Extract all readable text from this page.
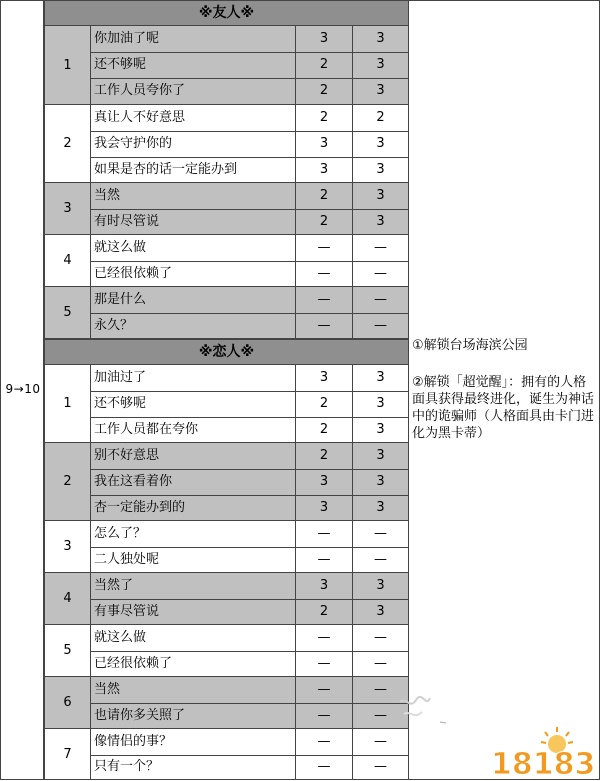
9→10
※友人※
1
你加油了呢	3	3
还不够呢	2	3
工作人员夸你了	2	3
2
真让人不好意思	2	2
我会守护你的	3	3
如果是杏的话一定能办到	3	3
3
当然	2	3
有时尽管说	2	3
4
就这么做	—	—
已经很依赖了	—	—
5
那是什么	—	—
永久？	—	—
※恋人※
1
加油过了	3	3
还不够呢	2	3
工作人员都在夸你	2	3
2
别不好意思	2	3
我在这看着你	3	3
杏一定能办到的	3	3
3
怎么了？	—	—
二人独处呢	—	—
4
当然了	3	3
有事尽管说	2	3
5
就这么做	—	—
已经很依赖了	—	—
6
当然	—	—
也请你多关照了	—	—
7
像情侣的事？	—	—
只有一个？	—	—
①解锁台场海滨公园
②解锁「超觉醒」：拥有的人格面具获得最终进化，诞生为神话中的诡骗师（人格面具由卡门进化为黑卡蒂）
18183
